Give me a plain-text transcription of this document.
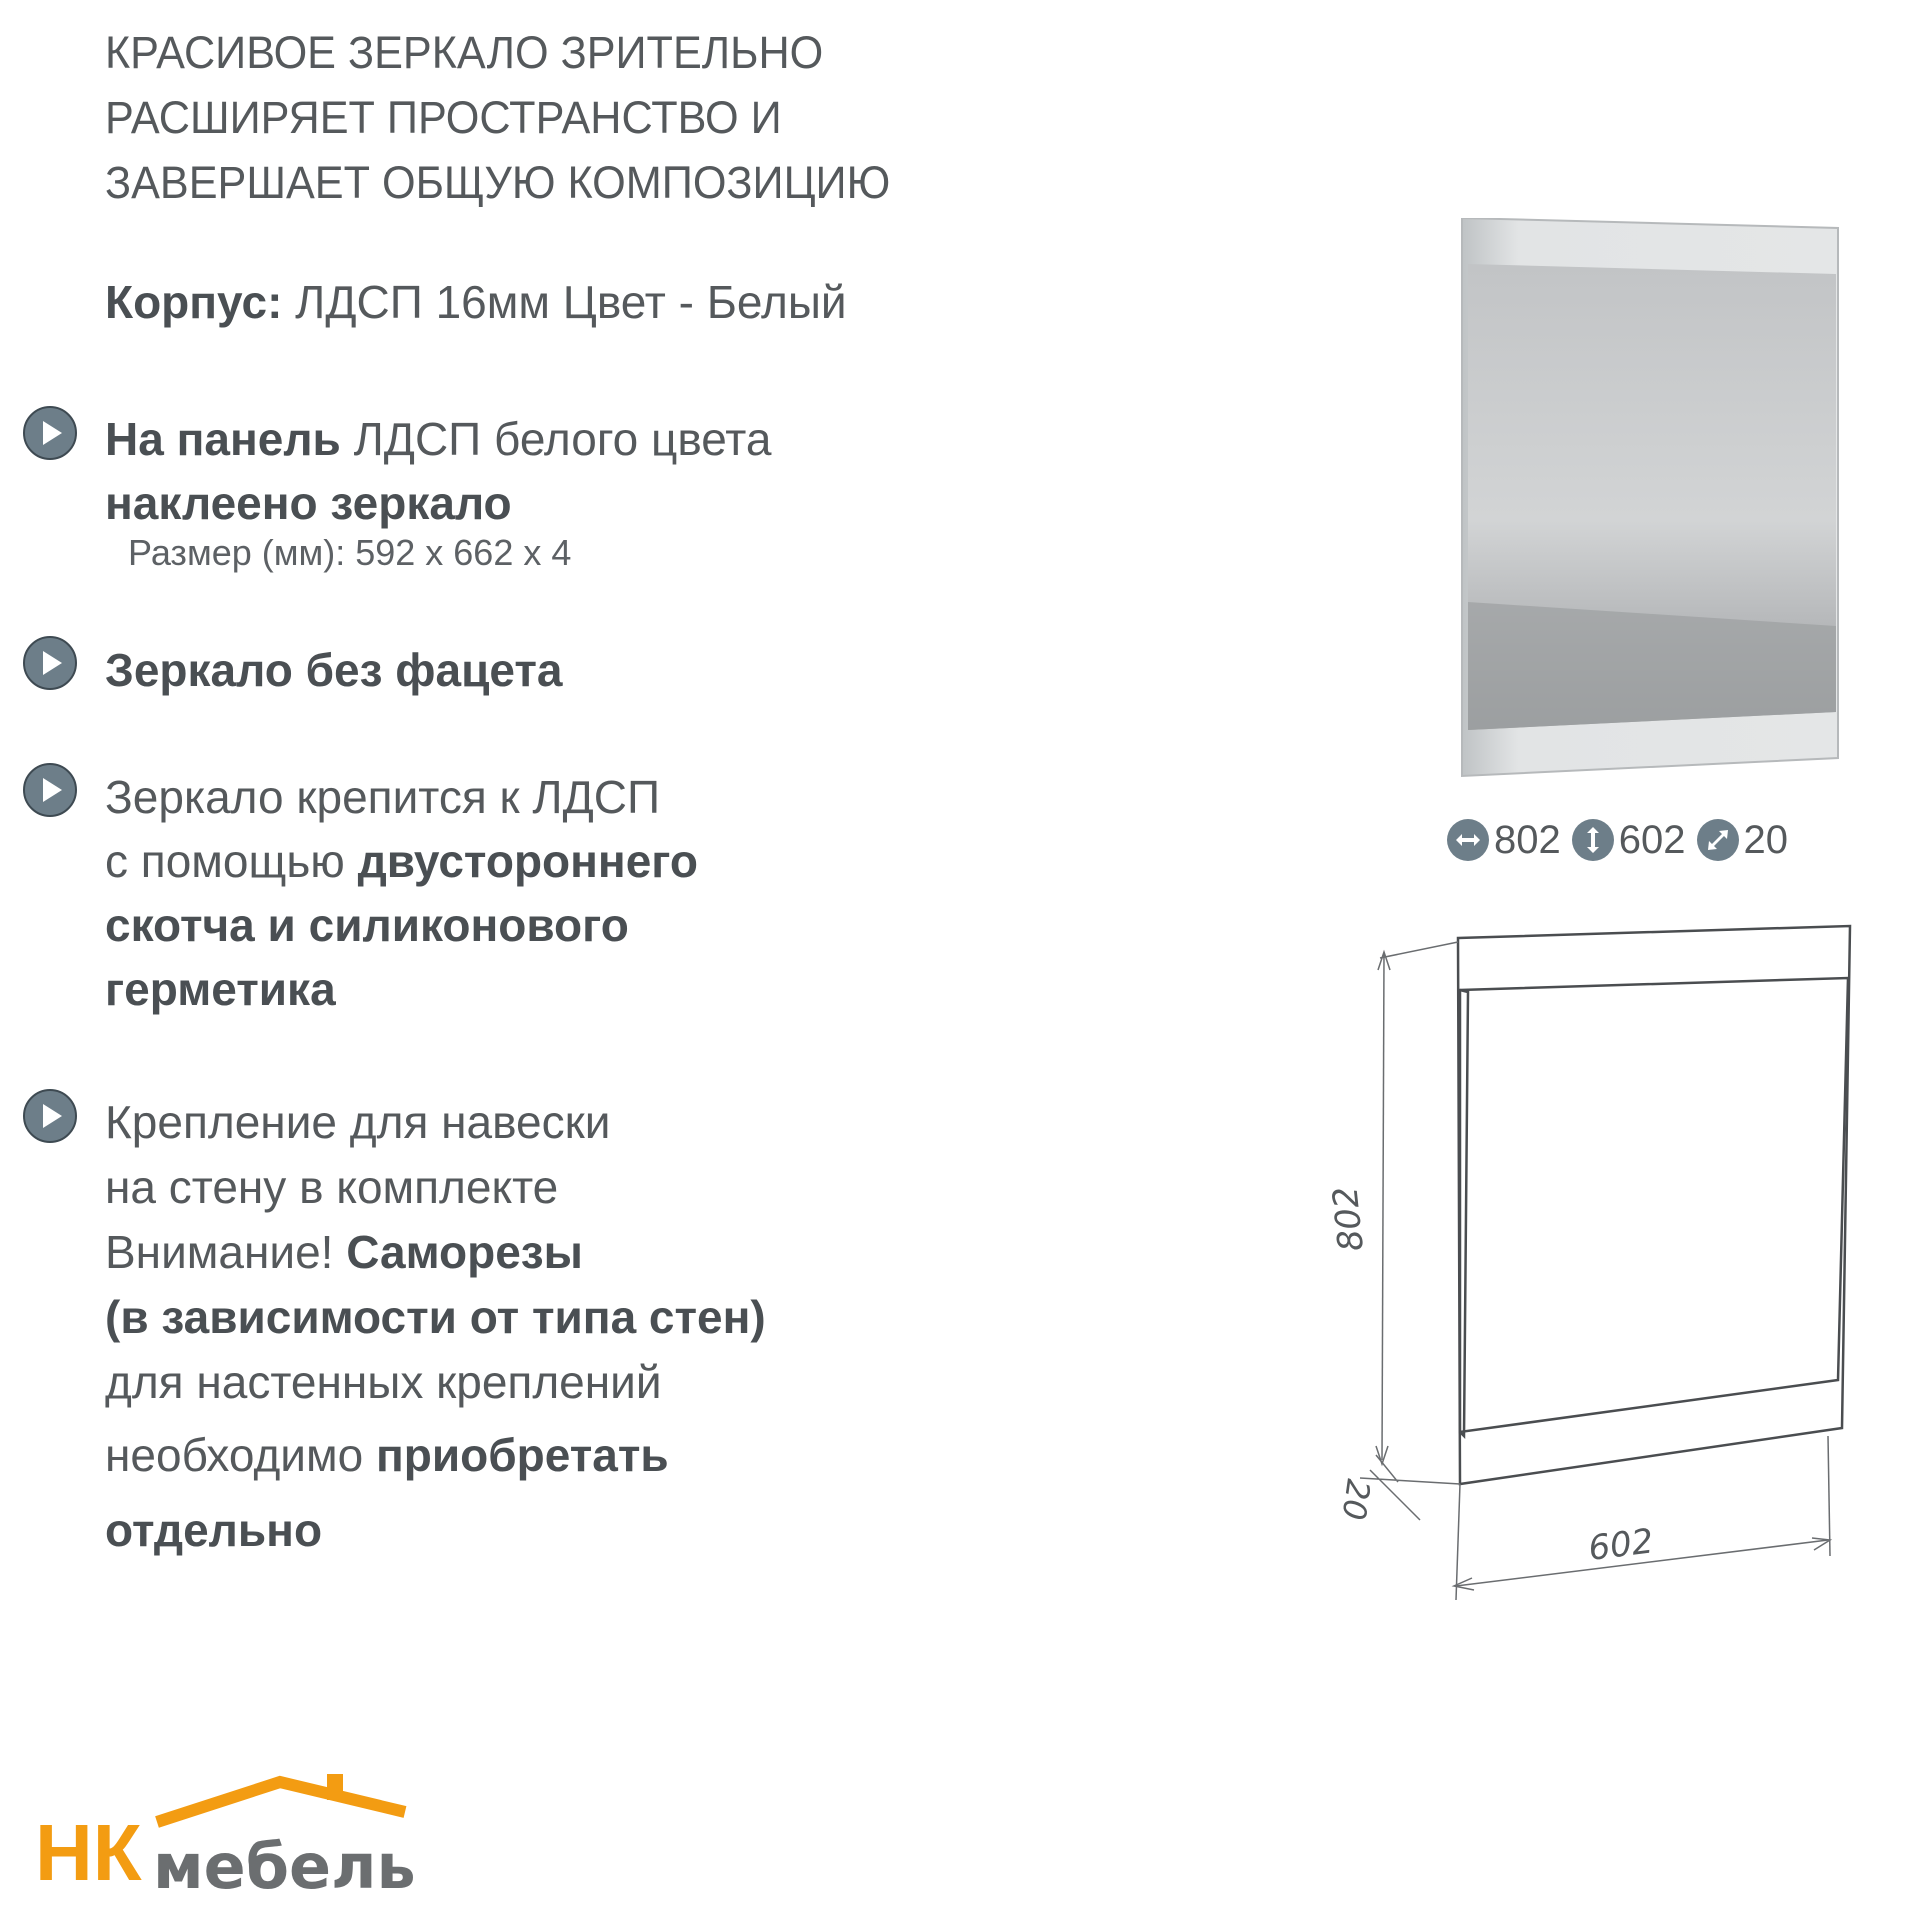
КРАСИВОЕ ЗЕРКАЛО ЗРИТЕЛЬНО
РАСШИРЯЕТ ПРОСТРАНСТВО И
ЗАВЕРШАЕТ ОБЩУЮ КОМПОЗИЦИЮ
Корпус: ЛДСП 16мм Цвет - Белый
На панель ЛДСП белого цвета
наклеено зеркало
Размер (мм): 592 х 662 х 4
Зеркало без фацета
Зеркало крепится к ЛДСП
с помощью двустороннего
скотча и силиконового
герметика
Крепление для навески
на стену в комплекте
Внимание! Саморезы
(в зависимости от типа стен)
для настенных креплений
необходимо приобретать
отдельно
802 602 20
802
602
20
НК мебель
